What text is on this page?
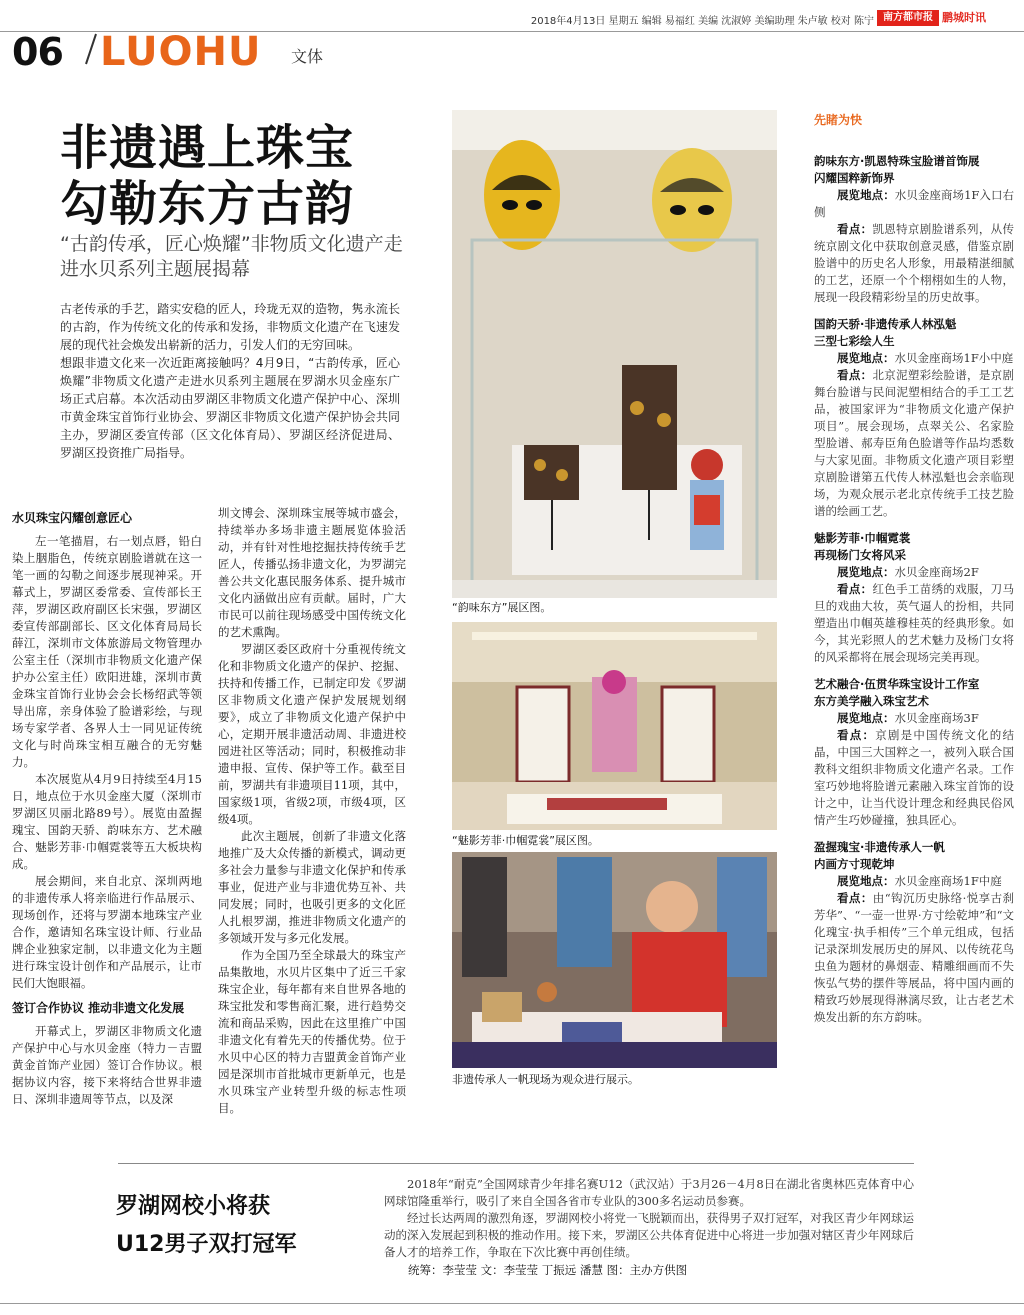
2018年4月13日 星期五 编辑 易福红 美编 沈淑婷 美编助理 朱卢敏 校对 陈宁 南方都市报 鹏城时讯
06 LUOHU 文体
非遗遇上珠宝
勾勒东方古韵
“古韵传承，匠心焕耀”非物质文化遗产走进水贝系列主题展揭幕

古老传承的手艺，踏实安稳的匠人，玲珑无双的造物，隽永流长的古韵，作为传统文化的传承和发扬，非物质文化遗产在飞速发展的现代社会焕发出崭新的活力，引发人们的无穷回味。

想跟非遗文化来一次近距离接触吗？4月9日，“古韵传承，匠心焕耀”非物质文化遗产走进水贝系列主题展在罗湖水贝金座东广场正式启幕。本次活动由罗湖区非物质文化遗产保护中心、深圳市黄金珠宝首饰行业协会、罗湖区非物质文化遗产保护协会共同主办，罗湖区委宣传部（区文化体育局）、罗湖区经济促进局、罗湖区投资推广局指导。

水贝珠宝闪耀创意匠心

左一笔描眉，右一划点唇，铅白染上胭脂色，传统京剧脸谱就在这一笔一画的勾勒之间逐步展现神采。开幕式上，罗湖区委常委、宣传部长王萍，罗湖区政府副区长宋强，罗湖区委宣传部副部长、区文化体育局局长薛江，深圳市文体旅游局文物管理办公室主任（深圳市非物质文化遗产保护办公室主任）欧阳进雄，深圳市黄金珠宝首饰行业协会会长杨绍武等领导出席，亲身体验了脸谱彩绘，与现场专家学者、各界人士一同见证传统文化与时尚珠宝相互融合的无穷魅力。

本次展览从4月9日持续至4月15日，地点位于水贝金座大厦（深圳市罗湖区贝丽北路89号）。展览由盈握瑰宝、国韵天骄、韵味东方、艺术融合、魅影芳菲·巾帼霓裳等五大板块构成。

展会期间，来自北京、深圳两地的非遗传承人将亲临进行作品展示、现场创作，还将与罗湖本地珠宝产业合作，邀请知名珠宝设计师、行业品牌企业独家定制，以非遗文化为主题进行珠宝设计创作和产品展示，让市民们大饱眼福。

签订合作协议 推动非遗文化发展

开幕式上，罗湖区非物质文化遗产保护中心与水贝金座（特力－吉盟黄金首饰产业园）签订合作协议。根据协议内容，接下来将结合世界非遗日、深圳非遗周等节点，以及深

圳文博会、深圳珠宝展等城市盛会，持续举办多场非遗主题展览体验活动，并有针对性地挖掘扶持传统手艺匠人，传播弘扬非遗文化，为罗湖完善公共文化惠民服务体系、提升城市文化内涵做出应有贡献。届时，广大市民可以前往现场感受中国传统文化的艺术熏陶。

罗湖区委区政府十分重视传统文化和非物质文化遗产的保护、挖掘、扶持和传播工作，已制定印发《罗湖区非物质文化遗产保护发展规划纲要》，成立了非物质文化遗产保护中心，定期开展非遗活动周、非遗进校园进社区等活动；同时，积极推动非遗申报、宣传、保护等工作。截至目前，罗湖共有非遗项目11项，其中，国家级1项，省级2项，市级4项，区级4项。

此次主题展，创新了非遗文化落地推广及大众传播的新模式，调动更多社会力量参与非遗文化保护和传承事业，促进产业与非遗优势互补、共同发展；同时，也吸引更多的文化匠人扎根罗湖，推进非物质文化遗产的多领域开发与多元化发展。

作为全国乃至全球最大的珠宝产品集散地，水贝片区集中了近三千家珠宝企业，每年都有来自世界各地的珠宝批发和零售商汇聚，进行趋势交流和商品采购，因此在这里推广中国非遗文化有着先天的传播优势。位于水贝中心区的特力吉盟黄金首饰产业园是深圳市首批城市更新单元，也是水贝珠宝产业转型升级的标志性项目。

“韵味东方”展区图。
“魅影芳菲·巾帼霓裳”展区图。
非遗传承人一帆现场为观众进行展示。
先睹为快
韵味东方·凯恩特珠宝脸谱首饰展
闪耀国粹新饰界
展览地点：水贝金座商场1F入口右侧
看点：凯恩特京剧脸谱系列，从传统京剧文化中获取创意灵感，借鉴京剧脸谱中的历史名人形象，用最精湛细腻的工艺，还原一个个栩栩如生的人物，展现一段段精彩纷呈的历史故事。
国韵天骄·非遗传承人林泓魁
三型七彩绘人生
展览地点：水贝金座商场1F小中庭
看点：北京泥塑彩绘脸谱，是京剧舞台脸谱与民间泥塑相结合的手工工艺品，被国家评为“非物质文化遗产保护项目”。展会现场，点翠关公、名家脸型脸谱、郝寿臣角色脸谱等作品均悉数与大家见面。非物质文化遗产项目彩塑京剧脸谱第五代传人林泓魁也会亲临现场，为观众展示老北京传统手工技艺脸谱的绘画工艺。
魅影芳菲·巾帼霓裳
再现杨门女将风采
展览地点：水贝金座商场2F
看点：红色手工苗绣的戏服，刀马旦的戏曲大妆，英气逼人的扮相，共同塑造出巾帼英雄穆桂英的经典形象。如今，其光彩照人的艺术魅力及杨门女将的风采都将在展会现场完美再现。
艺术融合·伍贯华珠宝设计工作室
东方美学融入珠宝艺术
展览地点：水贝金座商场3F
看点：京剧是中国传统文化的结晶，中国三大国粹之一，被列入联合国教科文组织非物质文化遗产名录。工作室巧妙地将脸谱元素融入珠宝首饰的设计之中，让当代设计理念和经典民俗风情产生巧妙碰撞，独具匠心。
盈握瑰宝·非遗传承人一帆
内画方寸现乾坤
展览地点：水贝金座商场1F中庭
看点：由“钩沉历史脉络·悦享古刹芳华”、“一壶一世界·方寸绘乾坤”和“文化瑰宝·执手相传”三个单元组成，包括记录深圳发展历史的屏风、以传统花鸟虫鱼为题材的鼻烟壶、精雕细画而不失恢弘气势的摆件等展品，将中国内画的精致巧妙展现得淋漓尽致，让古老艺术焕发出新的东方韵味。
罗湖网校小将获
U12男子双打冠军

2018年“耐克”全国网球青少年排名赛U12（武汉站）于3月26－4月8日在湖北省奥林匹克体育中心网球馆隆重举行，吸引了来自全国各省市专业队的300多名运动员参赛。

经过长达两周的激烈角逐，罗湖网校小将党一飞脱颖而出，获得男子双打冠军，对我区青少年网球运动的深入发展起到积极的推动作用。接下来，罗湖区公共体育促进中心将进一步加强对辖区青少年网球后备人才的培养工作，争取在下次比赛中再创佳绩。

统筹：李莹莹 文：李莹莹 丁振远 潘慧 图：主办方供图
